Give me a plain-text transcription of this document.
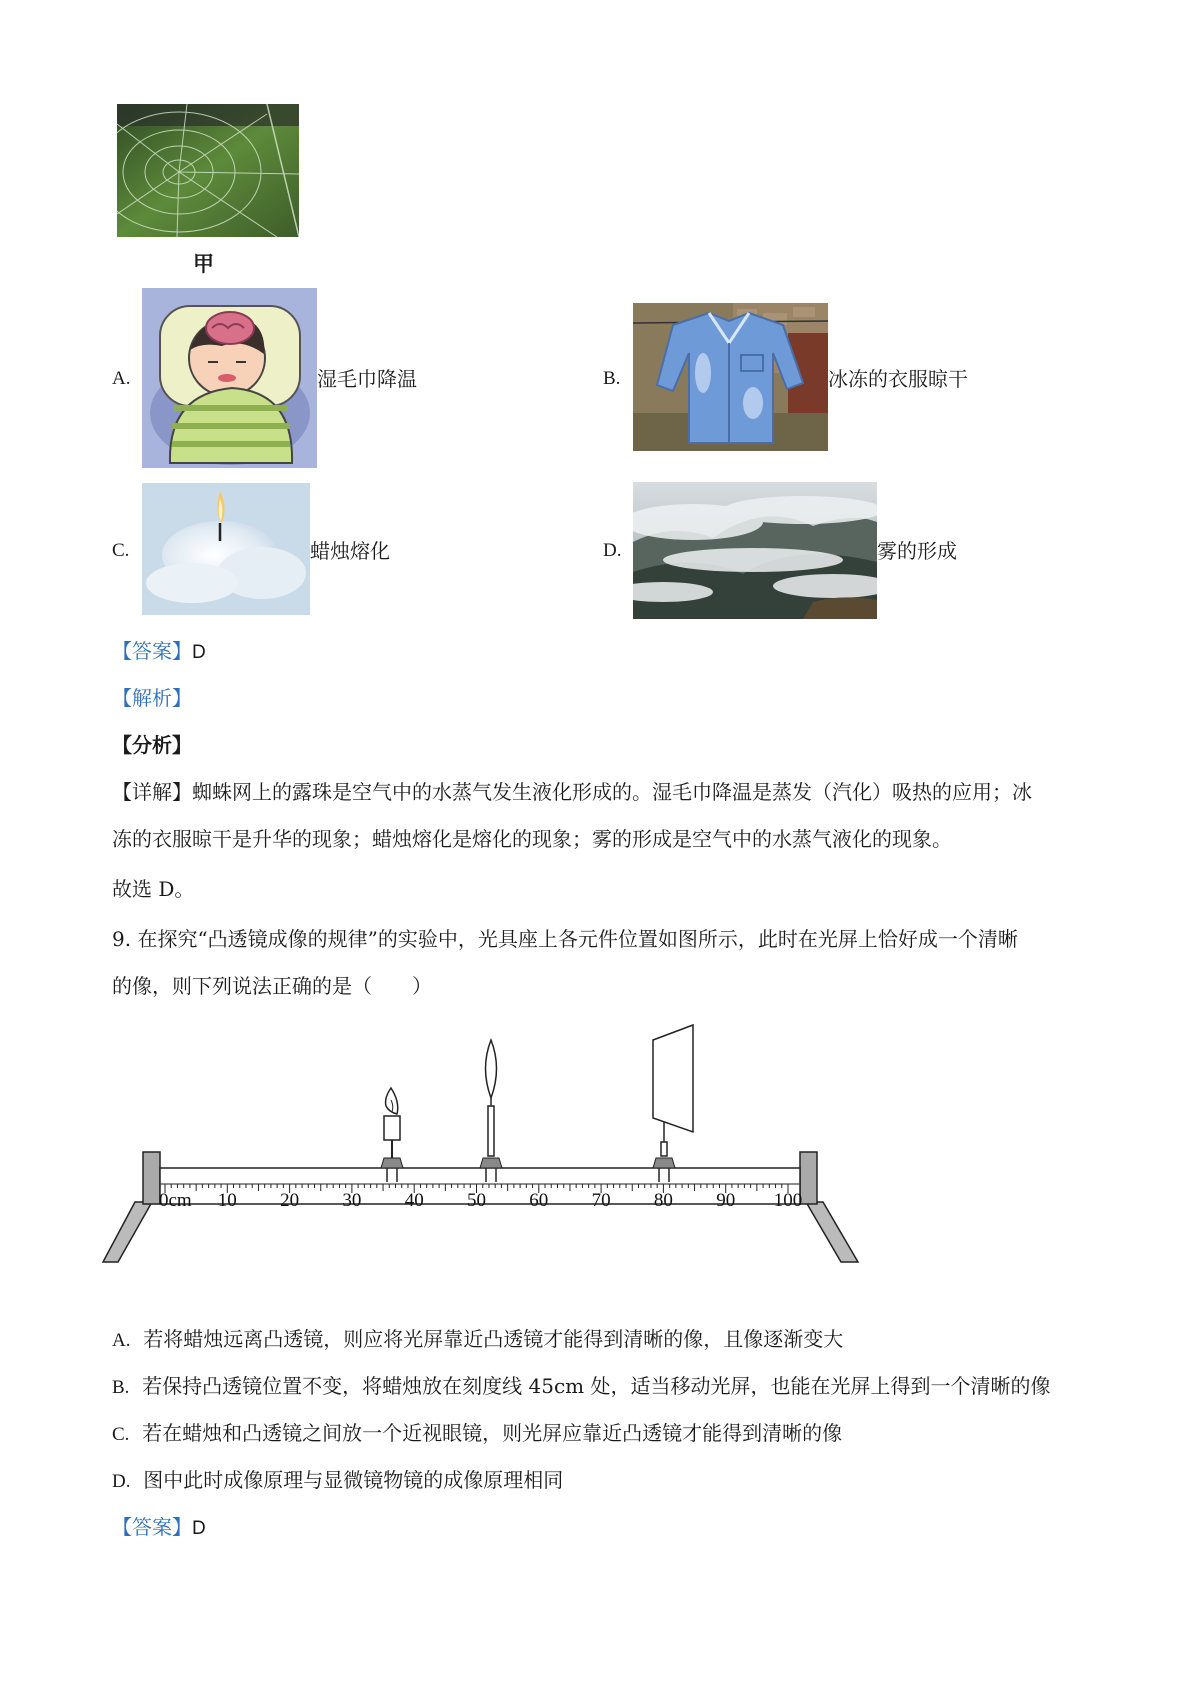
甲
A.	湿毛巾降温	B.	冰冻的衣服晾干
C.	蜡烛熔化	D.	雾的形成
【答案】D
【解析】
【分析】
【详解】蜘蛛网上的露珠是空气中的水蒸气发生液化形成的。湿毛巾降温是蒸发（汽化）吸热的应用；冰
冻的衣服晾干是升华的现象；蜡烛熔化是熔化的现象；雾的形成是空气中的水蒸气液化的现象。
故选 D。
9. 在探究“凸透镜成像的规律”的实验中，光具座上各元件位置如图所示，此时在光屏上恰好成一个清晰
的像，则下列说法正确的是（　　）
0cm 10 20 30 40 50 60 70 80 90 100
A. 若将蜡烛远离凸透镜，则应将光屏靠近凸透镜才能得到清晰的像，且像逐渐变大
B. 若保持凸透镜位置不变，将蜡烛放在刻度线 45cm 处，适当移动光屏，也能在光屏上得到一个清晰的像
C. 若在蜡烛和凸透镜之间放一个近视眼镜，则光屏应靠近凸透镜才能得到清晰的像
D. 图中此时成像原理与显微镜物镜的成像原理相同
【答案】D
